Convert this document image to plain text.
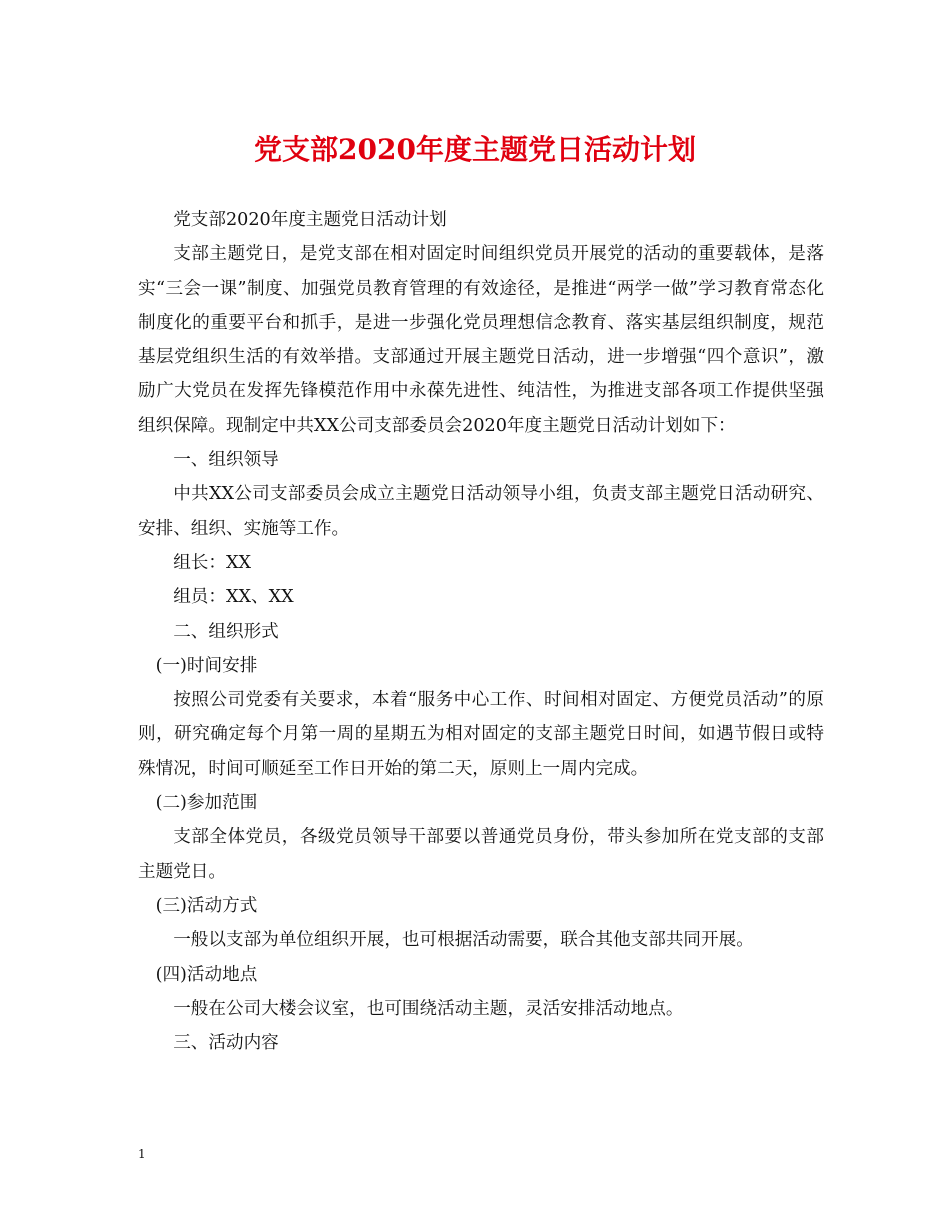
党支部2020年度主题党日活动计划

党支部2020年度主题党日活动计划

支部主题党日，是党支部在相对固定时间组织党员开展党的活动的重要载体，是落实“三会一课”制度、加强党员教育管理的有效途径，是推进“两学一做”学习教育常态化制度化的重要平台和抓手，是进一步强化党员理想信念教育、落实基层组织制度，规范基层党组织生活的有效举措。支部通过开展主题党日活动，进一步增强“四个意识”，激励广大党员在发挥先锋模范作用中永葆先进性、纯洁性，为推进支部各项工作提供坚强组织保障。现制定中共XX公司支部委员会2020年度主题党日活动计划如下：

一、组织领导

中共XX公司支部委员会成立主题党日活动领导小组，负责支部主题党日活动研究、安排、组织、实施等工作。

组长：XX

组员：XX、XX

二、组织形式

(一)时间安排

按照公司党委有关要求，本着“服务中心工作、时间相对固定、方便党员活动”的原则，研究确定每个月第一周的星期五为相对固定的支部主题党日时间，如遇节假日或特殊情况，时间可顺延至工作日开始的第二天，原则上一周内完成。

(二)参加范围

支部全体党员，各级党员领导干部要以普通党员身份，带头参加所在党支部的支部主题党日。

(三)活动方式

一般以支部为单位组织开展，也可根据活动需要，联合其他支部共同开展。

(四)活动地点

一般在公司大楼会议室，也可围绕活动主题，灵活安排活动地点。

三、活动内容

1
